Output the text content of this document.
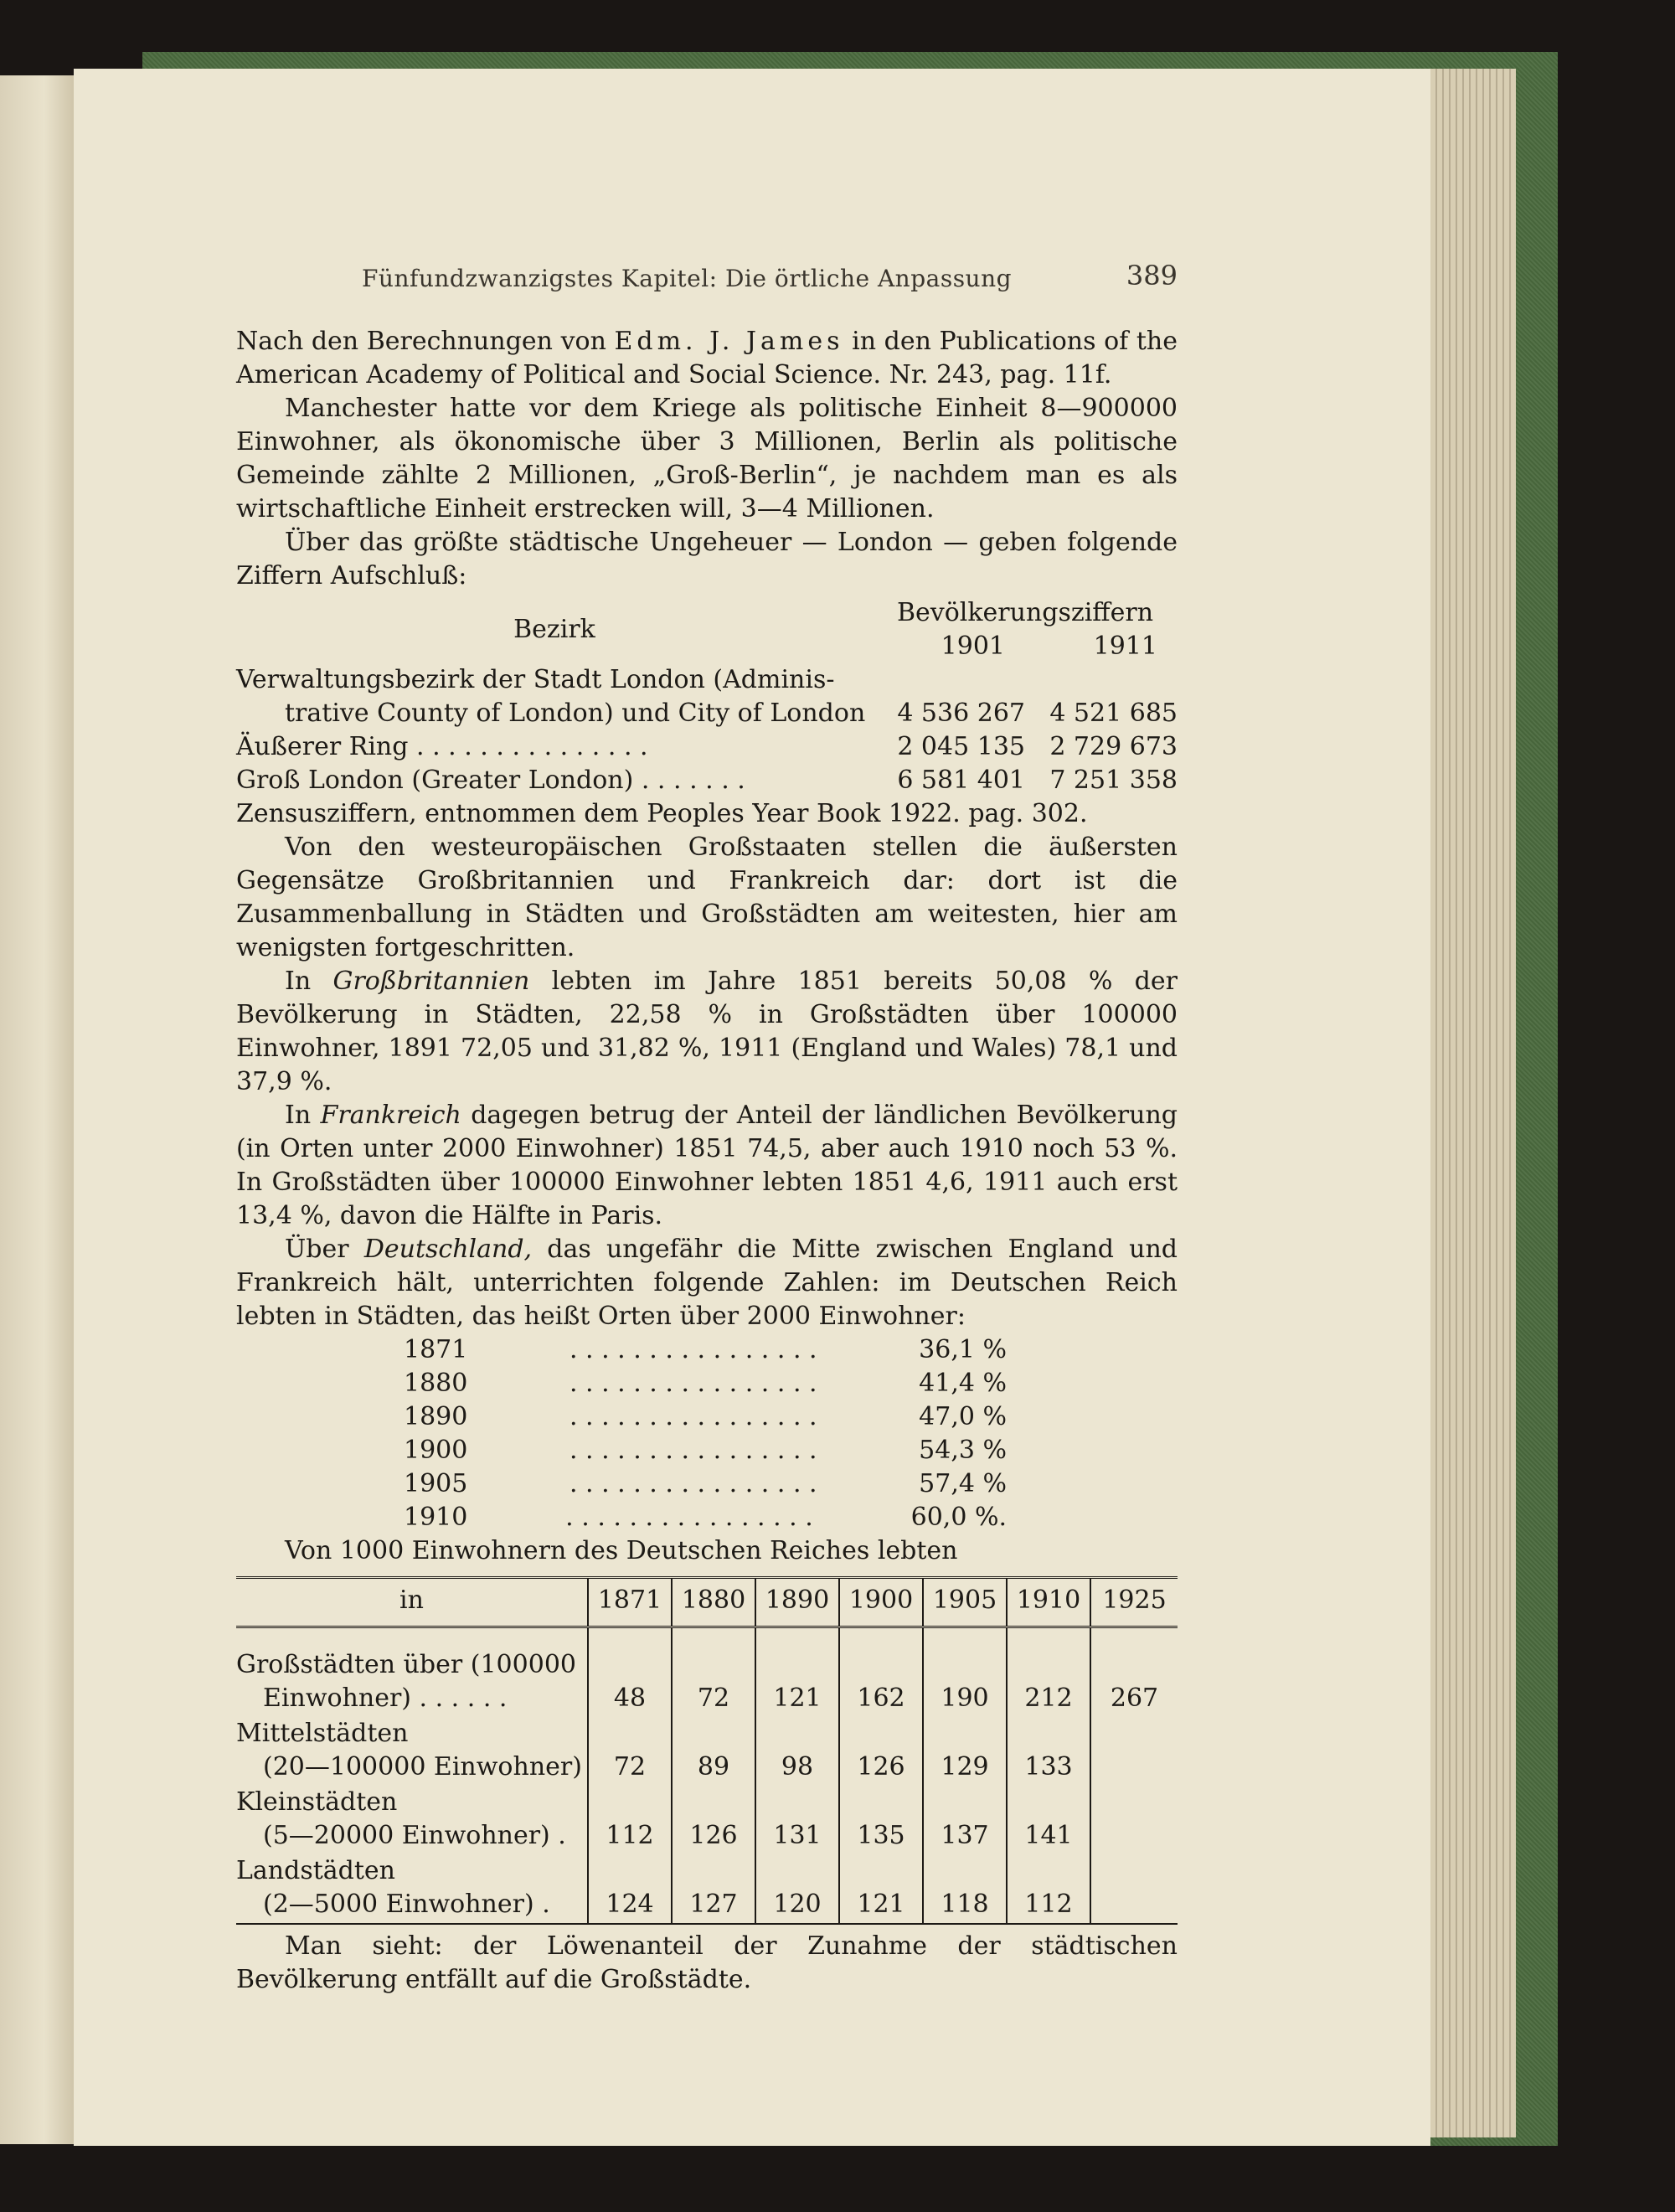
Fünfundzwanzigstes Kapitel: Die örtliche Anpassung	389

Nach den Berechnungen von Edm. J. James in den Publications of the American Academy of Political and Social Science. Nr. 243, pag. 11f.

Manchester hatte vor dem Kriege als politische Einheit 8—900000 Einwohner, als ökonomische über 3 Millionen, Berlin als politische Gemeinde zählte 2 Millionen, „Groß-Berlin“, je nachdem man es als wirtschaftliche Einheit erstrecken will, 3—4 Millionen.

Über das größte städtische Ungeheuer — London — geben folgende Ziffern Aufschluß:

Bezirk	Bevölkerungsziffern	
	1901	1911
Verwaltungsbezirk der Stadt London (Adminis-
trative County of London) und City of London	4 536 267	4 521 685
Äußerer Ring . . . . . . . . . . . . . . .	2 045 135	2 729 673
Groß London (Greater London) . . . . . . .	6 581 401	7 251 358

Zensusziffern, entnommen dem Peoples Year Book 1922. pag. 302.

Von den westeuropäischen Großstaaten stellen die äußersten Gegensätze Großbritannien und Frankreich dar: dort ist die Zusammenballung in Städten und Großstädten am weitesten, hier am wenigsten fortgeschritten.

In Großbritannien lebten im Jahre 1851 bereits 50,08 % der Bevölkerung in Städten, 22,58 % in Großstädten über 100000 Einwohner, 1891 72,05 und 31,82 %, 1911 (England und Wales) 78,1 und 37,9 %.

In Frankreich dagegen betrug der Anteil der ländlichen Bevölkerung (in Orten unter 2000 Einwohner) 1851 74,5, aber auch 1910 noch 53 %. In Großstädten über 100000 Einwohner lebten 1851 4,6, 1911 auch erst 13,4 %, davon die Hälfte in Paris.

Über Deutschland, das ungefähr die Mitte zwischen England und Frankreich hält, unterrichten folgende Zahlen: im Deutschen Reich lebten in Städten, das heißt Orten über 2000 Einwohner:

1871	. . . . . . . . . . . . . . . .	36,1 %
1880	. . . . . . . . . . . . . . . .	41,4 %
1890	. . . . . . . . . . . . . . . .	47,0 %
1900	. . . . . . . . . . . . . . . .	54,3 %
1905	. . . . . . . . . . . . . . . .	57,4 %
1910	. . . . . . . . . . . . . . . .	60,0 %.

Von 1000 Einwohnern des Deutschen Reiches lebten

in	1871	1880	1890	1900	1905	1910	1925
Großstädten über (100000
Einwohner) . . . . . .	48	72	121	162	190	212	267
Mittelstädten
(20—100000 Einwohner)	72	89	98	126	129	133	
Kleinstädten
(5—20000 Einwohner) .	112	126	131	135	137	141	
Landstädten
(2—5000 Einwohner) .	124	127	120	121	118	112	

Man sieht: der Löwenanteil der Zunahme der städtischen Bevölkerung entfällt auf die Großstädte.
